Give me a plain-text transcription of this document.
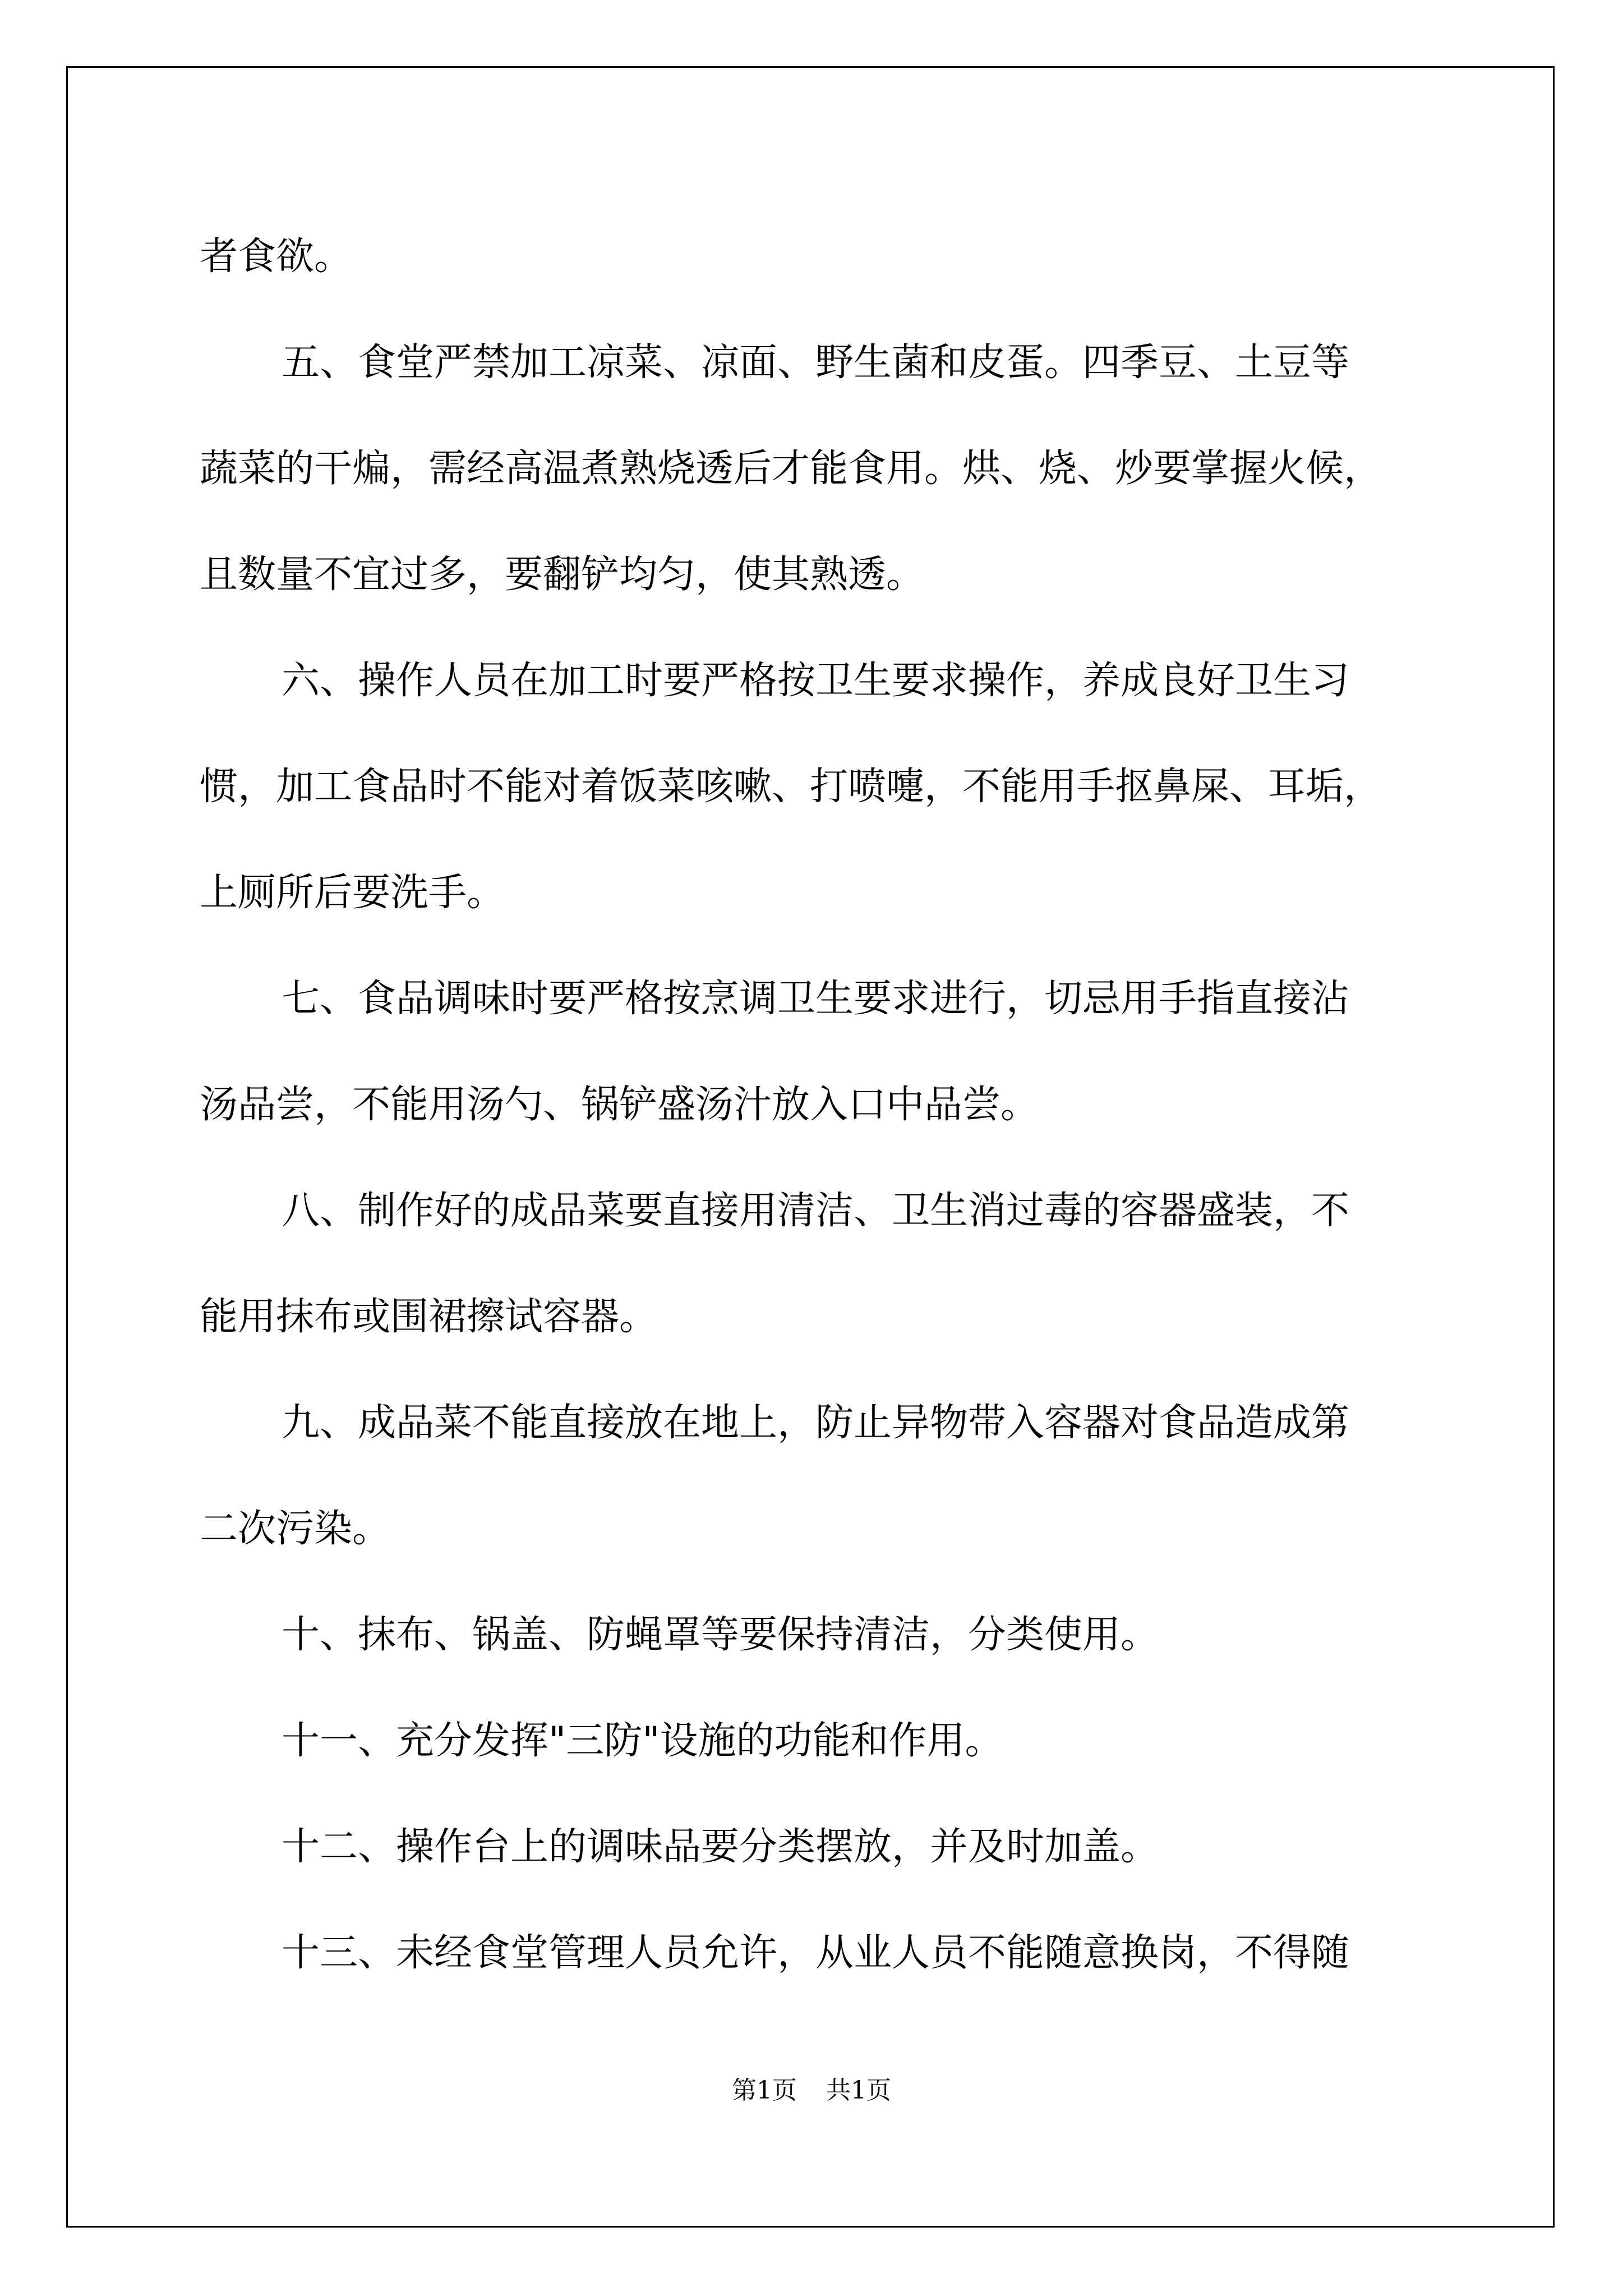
者食欲。

五、食堂严禁加工凉菜、凉面、野生菌和皮蛋。四季豆、土豆等

蔬菜的干煸，需经高温煮熟烧透后才能食用。烘、烧、炒要掌握火候，

且数量不宜过多，要翻铲均匀，使其熟透。

六、操作人员在加工时要严格按卫生要求操作，养成良好卫生习

惯，加工食品时不能对着饭菜咳嗽、打喷嚏，不能用手抠鼻屎、耳垢，

上厕所后要洗手。

七、食品调味时要严格按烹调卫生要求进行，切忌用手指直接沾

汤品尝，不能用汤勺、锅铲盛汤汁放入口中品尝。

八、制作好的成品菜要直接用清洁、卫生消过毒的容器盛装，不

能用抹布或围裙擦试容器。

九、成品菜不能直接放在地上，防止异物带入容器对食品造成第

二次污染。

十、抹布、锅盖、防蝇罩等要保持清洁，分类使用。

十一、充分发挥"三防"设施的功能和作用。

十二、操作台上的调味品要分类摆放，并及时加盖。

十三、未经食堂管理人员允许，从业人员不能随意换岗，不得随

第1页 共1页
